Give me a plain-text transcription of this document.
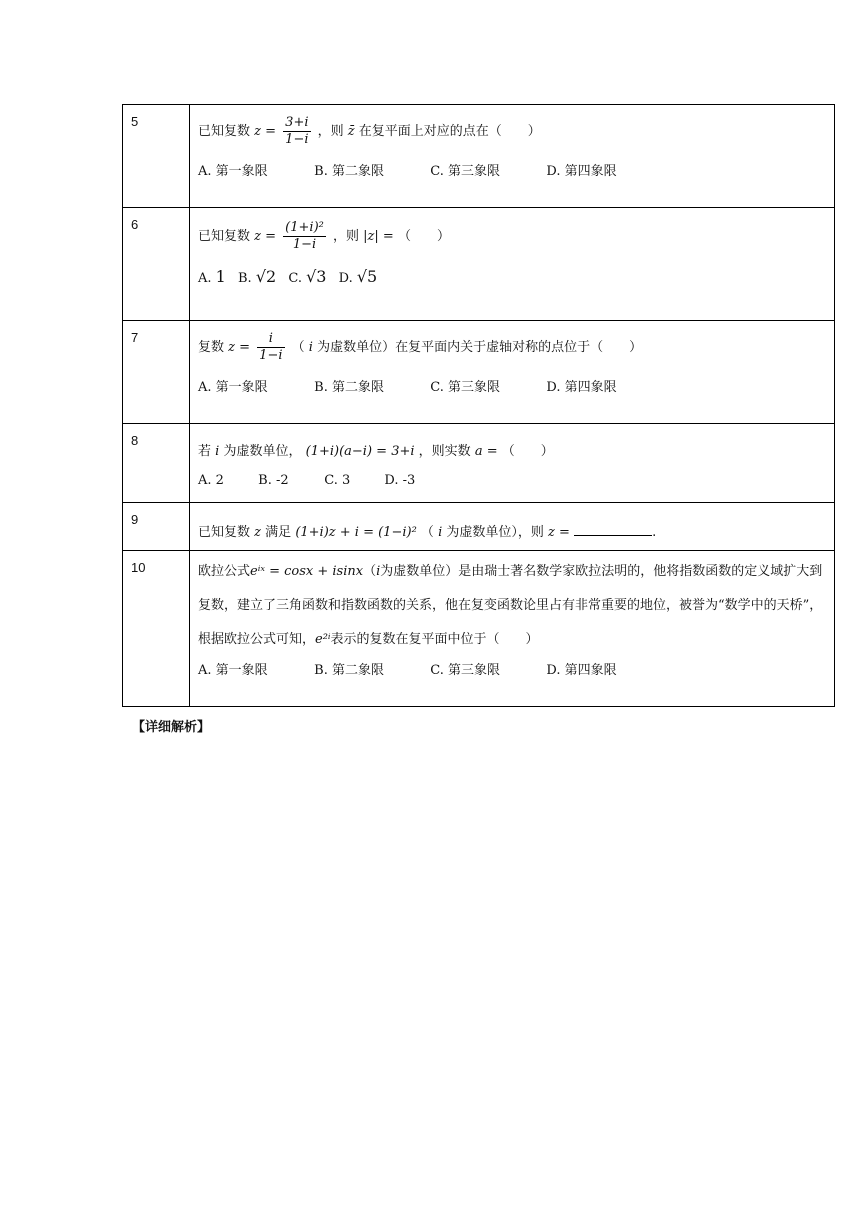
5	已知复数 $z = \frac{3+i}{1-i}$ ，则 z̄ 在复平面上对应的点在（　　）
A. 第一象限 B. 第二象限 C. 第三象限 D. 第四象限

6	已知复数 $z = \frac{\text{(1+i)²}}{1-i}$ ，则 |z| = （　　）
A. 1 B. √2 C. √3 D. √5

7	复数 $z = \frac{i}{1-i}$ （ i 为虚数单位）在复平面内关于虚轴对称的点位于（　　）
A. 第一象限 B. 第二象限 C. 第三象限 D. 第四象限

8	若 i 为虚数单位， (1+i)(a−i) = 3+i ，则实数 a = （　　）
A. 2 B. -2 C. 3 D. -3

9	已知复数 z 满足 (1+i)z + i = (1−i)² （ i 为虚数单位），则 z = .

10	欧拉公式eⁱˣ = cosx + isinx（i为虚数单位）是由瑞士著名数学家欧拉法明的，他将指数函数的定义域扩大到复数，建立了三角函数和指数函数的关系，他在复变函数论里占有非常重要的地位，被誉为“数学中的天桥”，根据欧拉公式可知，e²ⁱ表示的复数在复平面中位于（　　）
A. 第一象限 B. 第二象限 C. 第三象限 D. 第四象限
【详细解析】
